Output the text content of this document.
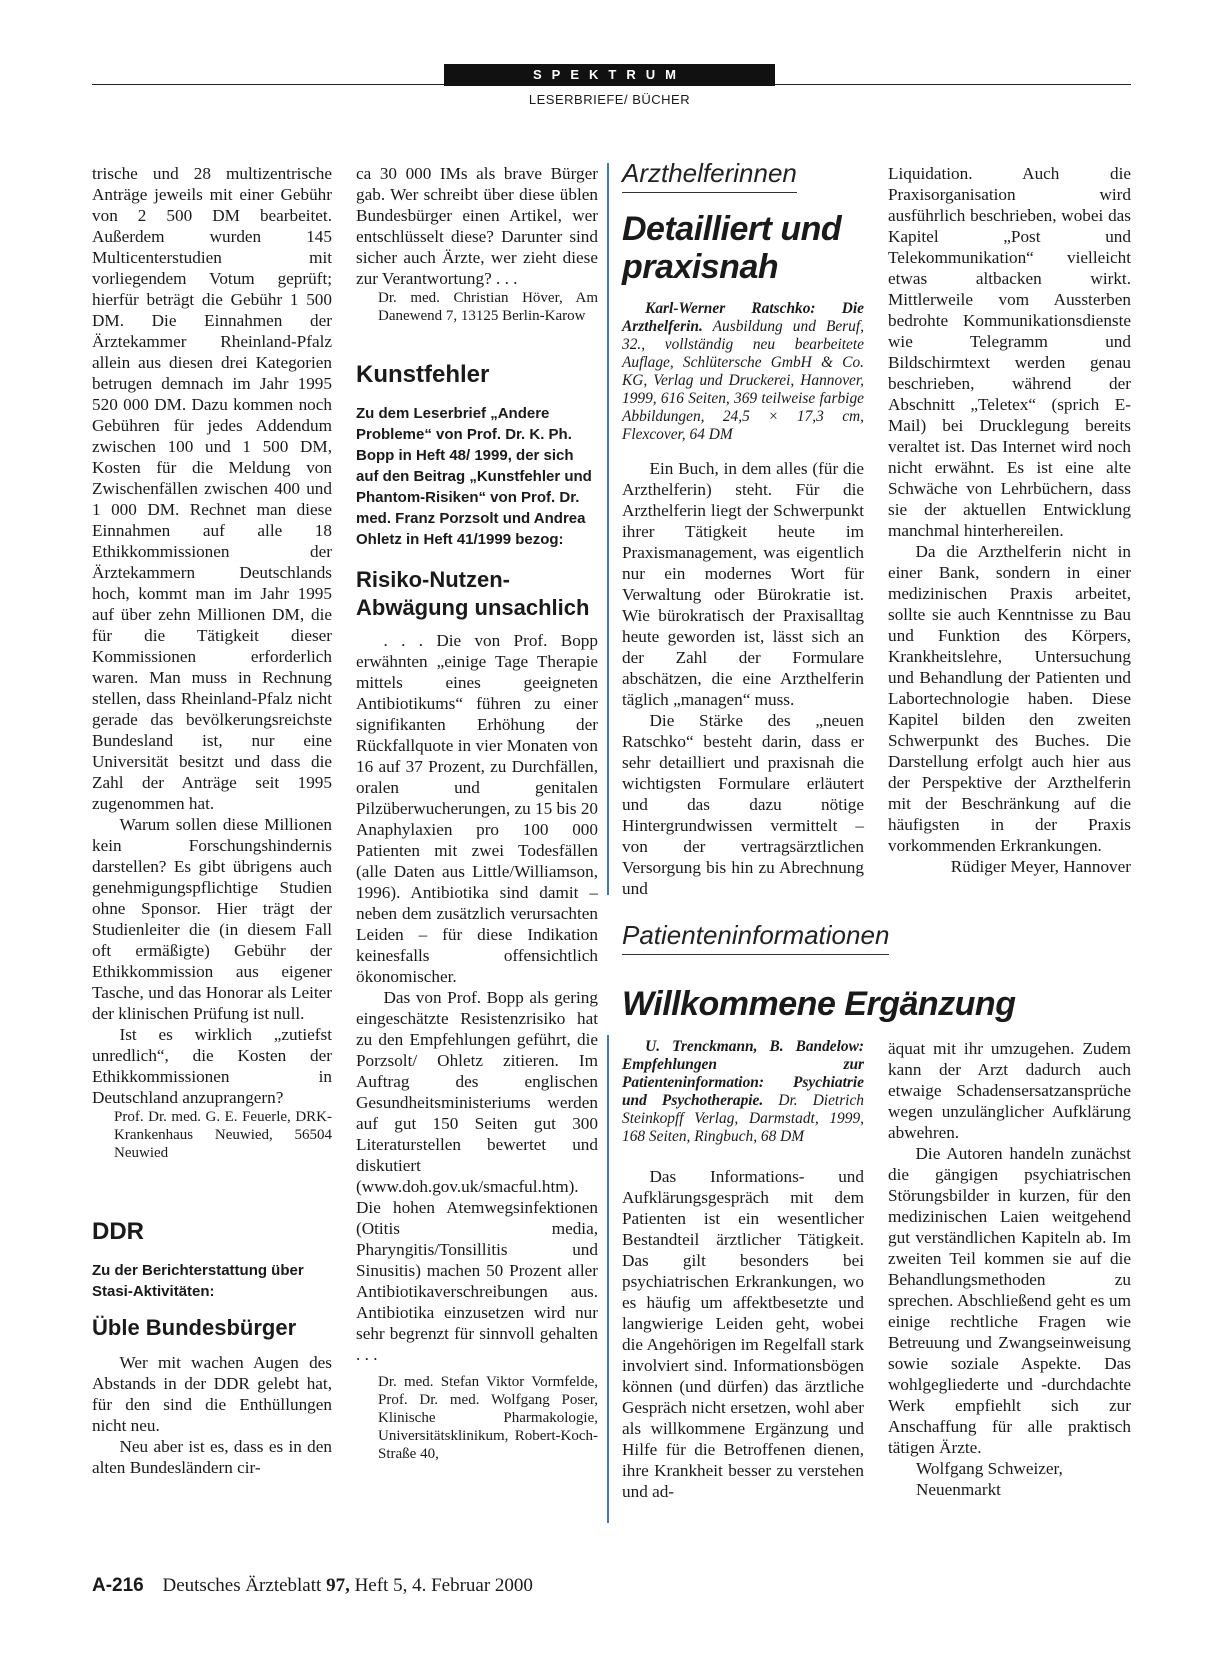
SPEKTRUM
LESERBRIEFE/ BÜCHER

trische und 28 multizentrische Anträge jeweils mit einer Gebühr von 2 500 DM bearbeitet. Außerdem wurden 145 Multicenterstudien mit vorliegendem Votum geprüft; hierfür beträgt die Gebühr 1 500 DM. Die Einnahmen der Ärztekammer Rheinland-Pfalz allein aus diesen drei Kategorien betrugen demnach im Jahr 1995 520 000 DM. Dazu kommen noch Gebühren für jedes Addendum zwischen 100 und 1 500 DM, Kosten für die Meldung von Zwischenfällen zwischen 400 und 1 000 DM. Rechnet man diese Einnahmen auf alle 18 Ethikkommissionen der Ärztekammern Deutschlands hoch, kommt man im Jahr 1995 auf über zehn Millionen DM, die für die Tätigkeit dieser Kommissionen erforderlich waren. Man muss in Rechnung stellen, dass Rheinland-Pfalz nicht gerade das bevölkerungsreichste Bundesland ist, nur eine Universität besitzt und dass die Zahl der Anträge seit 1995 zugenommen hat.

Warum sollen diese Millionen kein Forschungshindernis darstellen? Es gibt übrigens auch genehmigungspflichtige Studien ohne Sponsor. Hier trägt der Studienleiter die (in diesem Fall oft ermäßigte) Gebühr der Ethikkommission aus eigener Tasche, und das Honorar als Leiter der klinischen Prüfung ist null.

Ist es wirklich „zutiefst unredlich“, die Kosten der Ethikkommissionen in Deutschland anzuprangern?

Prof. Dr. med. G. E. Feuerle, DRK-Krankenhaus Neuwied, 56504 Neuwied

DDR

Zu der Berichterstattung über Stasi-Aktivitäten:

Üble Bundesbürger

Wer mit wachen Augen des Abstands in der DDR gelebt hat, für den sind die Enthüllungen nicht neu.

Neu aber ist es, dass es in den alten Bundesländern cir-

ca 30 000 IMs als brave Bürger gab. Wer schreibt über diese üblen Bundesbürger einen Artikel, wer entschlüsselt diese? Darunter sind sicher auch Ärzte, wer zieht diese zur Verantwortung? . . .

Dr. med. Christian Höver, Am Danewend 7, 13125 Berlin-Karow

Kunstfehler

Zu dem Leserbrief „Andere Probleme“ von Prof. Dr. K. Ph. Bopp in Heft 48/ 1999, der sich auf den Beitrag „Kunstfehler und Phantom-Risiken“ von Prof. Dr. med. Franz Porzsolt und Andrea Ohletz in Heft 41/1999 bezog:

Risiko-Nutzen-
Abwägung unsachlich

. . . Die von Prof. Bopp erwähnten „einige Tage Therapie mittels eines geeigneten Antibiotikums“ führen zu einer signifikanten Erhöhung der Rückfallquote in vier Monaten von 16 auf 37 Prozent, zu Durchfällen, oralen und genitalen Pilzüberwucherungen, zu 15 bis 20 Anaphylaxien pro 100 000 Patienten mit zwei Todesfällen (alle Daten aus Little/Williamson, 1996). Antibiotika sind damit – neben dem zusätzlich verursachten Leiden – für diese Indikation keinesfalls offensichtlich ökonomischer.

Das von Prof. Bopp als gering eingeschätzte Resistenzrisiko hat zu den Empfehlungen geführt, die Porzsolt/ Ohletz zitieren. Im Auftrag des englischen Gesundheitsministeriums werden auf gut 150 Seiten gut 300 Literaturstellen bewertet und diskutiert (www.doh.gov.uk/smacful.htm). Die hohen Atemwegsinfektionen (Otitis media, Pharyngitis/Tonsillitis und Sinusitis) machen 50 Prozent aller Antibiotikaverschreibungen aus. Antibiotika einzusetzen wird nur sehr begrenzt für sinnvoll gehalten . . .

Dr. med. Stefan Viktor Vormfelde, Prof. Dr. med. Wolfgang Poser, Klinische Pharmakologie, Universitätsklinikum, Robert-Koch-Straße 40,

Arzthelferinnen

Detailliert und
praxisnah

Karl-Werner Ratschko: Die Arzthelferin. Ausbildung und Beruf, 32., vollständig neu bearbeitete Auflage, Schlütersche GmbH & Co. KG, Verlag und Druckerei, Hannover, 1999, 616 Seiten, 369 teilweise farbige Abbildungen, 24,5 × 17,3 cm, Flexcover, 64 DM

Ein Buch, in dem alles (für die Arzthelferin) steht. Für die Arzthelferin liegt der Schwerpunkt ihrer Tätigkeit heute im Praxismanagement, was eigentlich nur ein modernes Wort für Verwaltung oder Bürokratie ist. Wie bürokratisch der Praxisalltag heute geworden ist, lässt sich an der Zahl der Formulare abschätzen, die eine Arzthelferin täglich „managen“ muss.

Die Stärke des „neuen Ratschko“ besteht darin, dass er sehr detailliert und praxisnah die wichtigsten Formulare erläutert und das dazu nötige Hintergrundwissen vermittelt – von der vertragsärztlichen Versorgung bis hin zu Abrechnung und

Liquidation. Auch die Praxisorganisation wird ausführlich beschrieben, wobei das Kapitel „Post und Telekommunikation“ vielleicht etwas altbacken wirkt. Mittlerweile vom Aussterben bedrohte Kommunikationsdienste wie Telegramm und Bildschirmtext werden genau beschrieben, während der Abschnitt „Teletex“ (sprich E-Mail) bei Drucklegung bereits veraltet ist. Das Internet wird noch nicht erwähnt. Es ist eine alte Schwäche von Lehrbüchern, dass sie der aktuellen Entwicklung manchmal hinterhereilen.

Da die Arzthelferin nicht in einer Bank, sondern in einer medizinischen Praxis arbeitet, sollte sie auch Kenntnisse zu Bau und Funktion des Körpers, Krankheitslehre, Untersuchung und Behandlung der Patienten und Labortechnologie haben. Diese Kapitel bilden den zweiten Schwerpunkt des Buches. Die Darstellung erfolgt auch hier aus der Perspektive der Arzthelferin mit der Beschränkung auf die häufigsten in der Praxis vorkommenden Erkrankungen.

Rüdiger Meyer, Hannover

Patienteninformationen

Willkommene Ergänzung

U. Trenckmann, B. Bandelow: Empfehlungen zur Patienteninformation: Psychiatrie und Psychotherapie. Dr. Dietrich Steinkopff Verlag, Darmstadt, 1999, 168 Seiten, Ringbuch, 68 DM

Das Informations- und Aufklärungsgespräch mit dem Patienten ist ein wesentlicher Bestandteil ärztlicher Tätigkeit. Das gilt besonders bei psychiatrischen Erkrankungen, wo es häufig um affektbesetzte und langwierige Leiden geht, wobei die Angehörigen im Regelfall stark involviert sind. Informationsbögen können (und dürfen) das ärztliche Gespräch nicht ersetzen, wohl aber als willkommene Ergänzung und Hilfe für die Betroffenen dienen, ihre Krankheit besser zu verstehen und ad-

äquat mit ihr umzugehen. Zudem kann der Arzt dadurch auch etwaige Schadensersatzansprüche wegen unzulänglicher Aufklärung abwehren.

Die Autoren handeln zunächst die gängigen psychiatrischen Störungsbilder in kurzen, für den medizinischen Laien weitgehend gut verständlichen Kapiteln ab. Im zweiten Teil kommen sie auf die Behandlungsmethoden zu sprechen. Abschließend geht es um einige rechtliche Fragen wie Betreuung und Zwangseinweisung sowie soziale Aspekte. Das wohlgegliederte und -durchdachte Werk empfiehlt sich zur Anschaffung für alle praktisch tätigen Ärzte.

Wolfgang Schweizer,
Neuenmarkt

A-216 Deutsches Ärzteblatt 97, Heft 5, 4. Februar 2000
